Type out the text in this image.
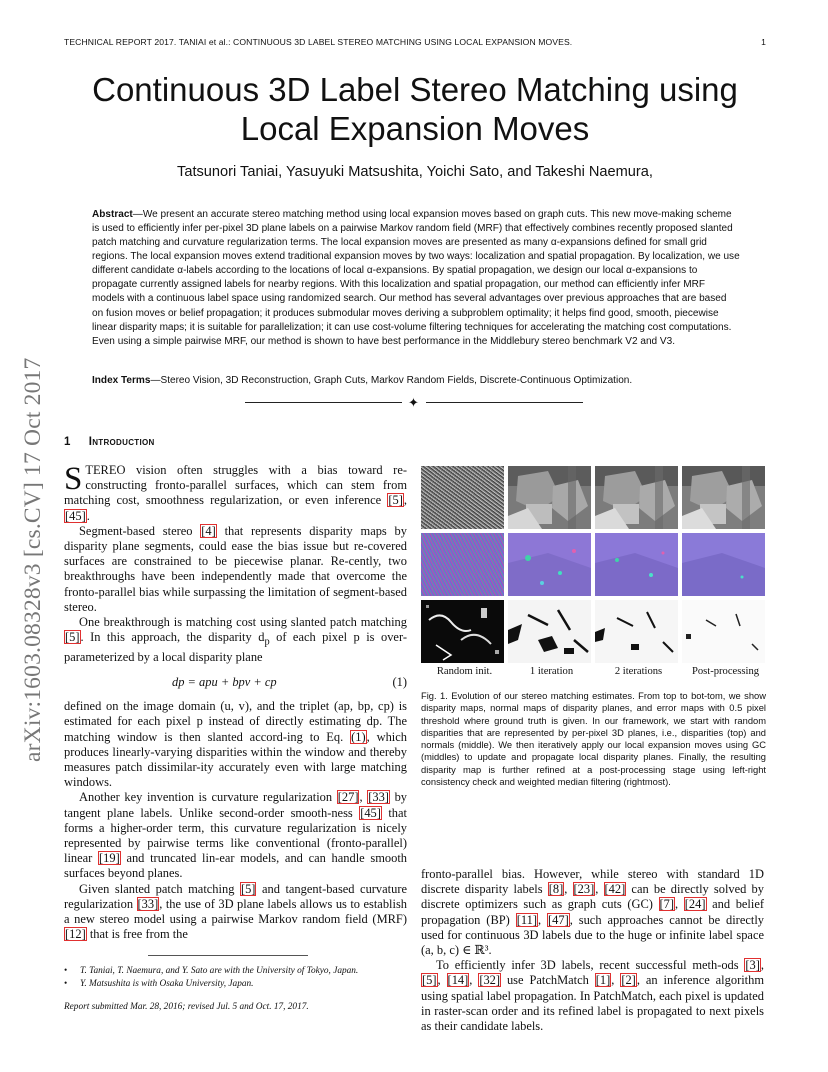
TECHNICAL REPORT 2017. TANIAI et al.: CONTINUOUS 3D LABEL STEREO MATCHING USING LOCAL EXPANSION MOVES.	1
Continuous 3D Label Stereo Matching using
Local Expansion Moves
Tatsunori Taniai, Yasuyuki Matsushita, Yoichi Sato, and Takeshi Naemura,
Abstract—We present an accurate stereo matching method using local expansion moves based on graph cuts. This new move-making scheme is used to efficiently infer per-pixel 3D plane labels on a pairwise Markov random field (MRF) that effectively combines recently proposed slanted patch matching and curvature regularization terms. The local expansion moves are presented as many α-expansions defined for small grid regions. The local expansion moves extend traditional expansion moves by two ways: localization and spatial propagation. By localization, we use different candidate α-labels according to the locations of local α-expansions. By spatial propagation, we design our local α-expansions to propagate currently assigned labels for nearby regions. With this localization and spatial propagation, our method can efficiently infer MRF models with a continuous label space using randomized search. Our method has several advantages over previous approaches that are based on fusion moves or belief propagation; it produces submodular moves deriving a subproblem optimality; it helps find good, smooth, piecewise linear disparity maps; it is suitable for parallelization; it can use cost-volume filtering techniques for accelerating the matching cost computations. Even using a simple pairwise MRF, our method is shown to have best performance in the Middlebury stereo benchmark V2 and V3.
Index Terms—Stereo Vision, 3D Reconstruction, Graph Cuts, Markov Random Fields, Discrete-Continuous Optimization.
✦
arXiv:1603.08328v3 [cs.CV] 17 Oct 2017 1 Introduction

STEREO vision often struggles with a bias toward re-constructing fronto-parallel surfaces, which can stem from matching cost, smoothness regularization, or even inference [5], [45].

Segment-based stereo [4] that represents disparity maps by disparity plane segments, could ease the bias issue but re-covered surfaces are constrained to be piecewise planar. Re-cently, two breakthroughs have been independently made that overcome the fronto-parallel bias while surpassing the limitation of segment-based stereo.

One breakthrough is matching cost using slanted patch matching [5]. In this approach, the disparity $d_p$ of each pixel p is over-parameterized by a local disparity plane

dp = apu + bpv + cp	(1)

defined on the image domain (u, v), and the triplet (ap, bp, cp) is estimated for each pixel p instead of directly estimating dp. The matching window is then slanted accord-ing to Eq. (1), which produces linearly-varying disparities within the window and thereby measures patch dissimilar-ity accurately even with large matching windows.

Another key invention is curvature regularization [27], [33] by tangent plane labels. Unlike second-order smooth-ness [45] that forms a higher-order term, this curvature regularization is nicely represented by pairwise terms like conventional (fronto-parallel) linear [19] and truncated lin-ear models, and can handle smooth surfaces beyond planes.

Given slanted patch matching [5] and tangent-based curvature regularization [33], the use of 3D plane labels allows us to establish a new stereo model using a pairwise Markov random field (MRF) [12] that is free from the

• T. Taniai, T. Naemura, and Y. Sato are with the University of Tokyo, Japan.
• Y. Matsushita is with Osaka University, Japan.
Report submitted Mar. 28, 2016; revised Jul. 5 and Oct. 17, 2017.
Random init.	1 iteration	2 iterations	Post-processing
Fig. 1. Evolution of our stereo matching estimates. From top to bot-tom, we show disparity maps, normal maps of disparity planes, and error maps with 0.5 pixel threshold where ground truth is given. In our framework, we start with random disparities that are represented by per-pixel 3D planes, i.e., disparities (top) and normals (middle). We then iteratively apply our local expansion moves using GC (middles) to update and propagate local disparity planes. Finally, the resulting disparity map is further refined at a post-processing stage using left-right consistency check and weighted median filtering (rightmost).

fronto-parallel bias. However, while stereo with standard 1D discrete disparity labels [8], [23], [42] can be directly solved by discrete optimizers such as graph cuts (GC) [7], [24] and belief propagation (BP) [11], [47], such approaches cannot be directly used for continuous 3D labels due to the huge or infinite label space (a, b, c) ∈ ℝ³.

To efficiently infer 3D labels, recent successful meth-ods [3], [5], [14], [32] use PatchMatch [1], [2], an inference algorithm using spatial label propagation. In PatchMatch, each pixel is updated in raster-scan order and its refined label is propagated to next pixels as their candidate labels.
